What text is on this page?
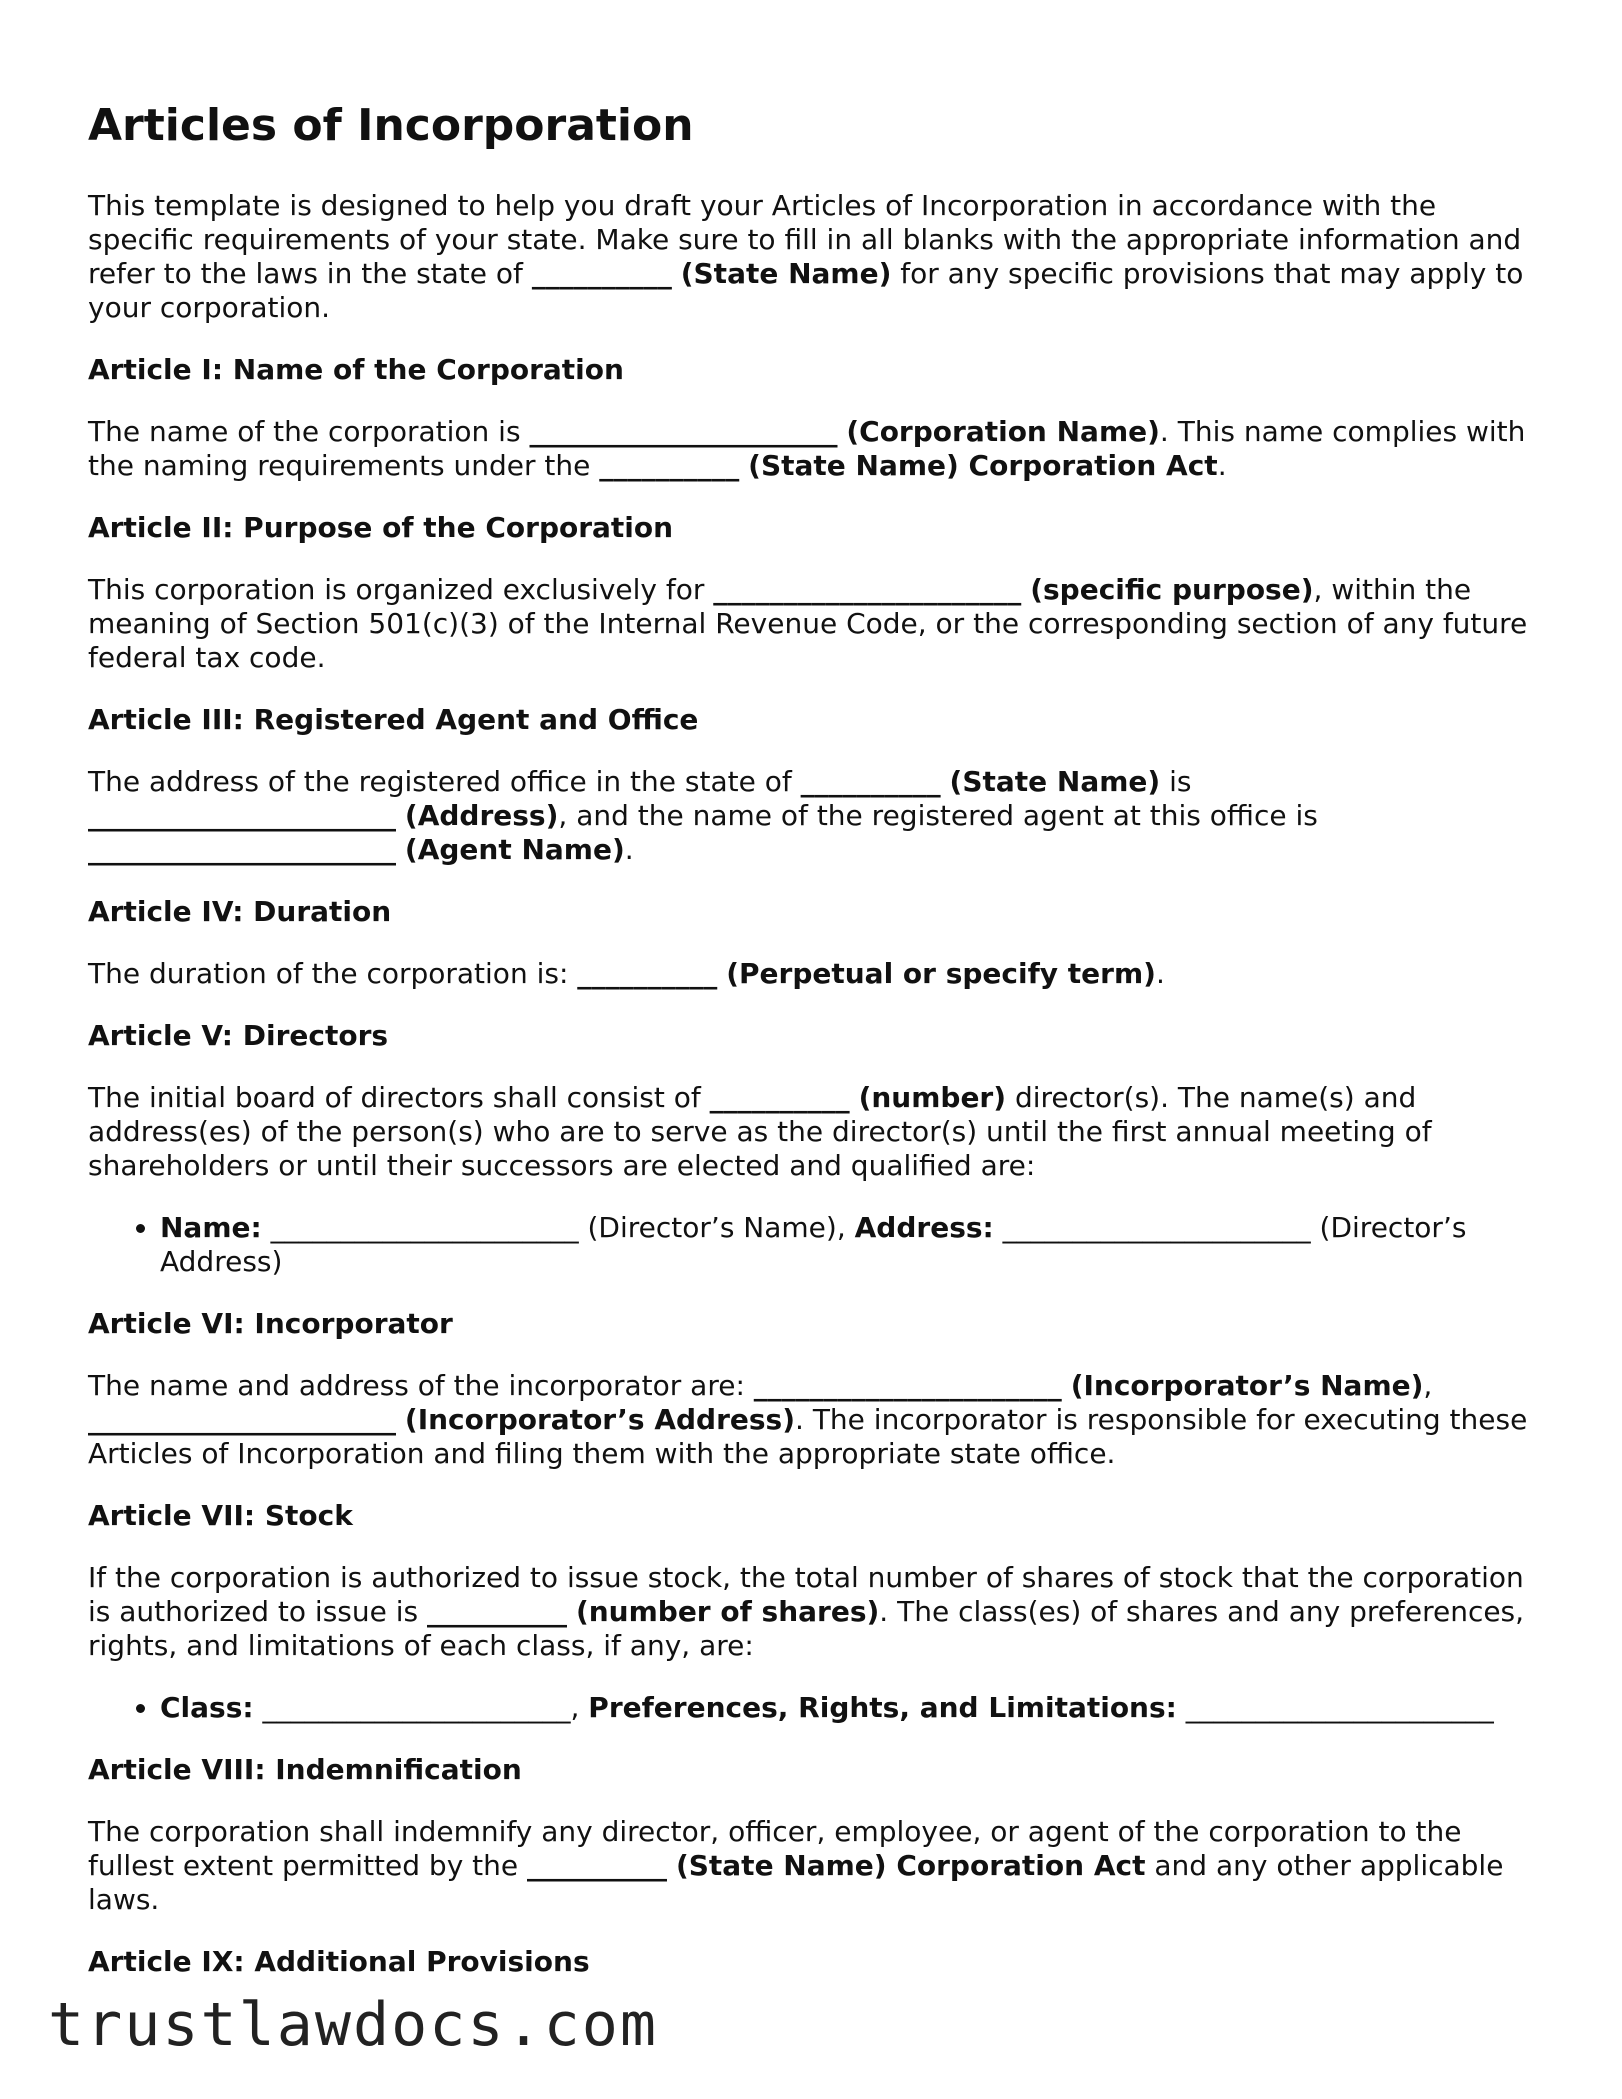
Articles of Incorporation

This template is designed to help you draft your Articles of Incorporation in accordance with the specific requirements of your state. Make sure to fill in all blanks with the appropriate information and refer to the laws in the state of __________ (State Name) for any specific provisions that may apply to your corporation.

Article I: Name of the Corporation

The name of the corporation is ______________________ (Corporation Name). This name complies with the naming requirements under the __________ (State Name) Corporation Act.

Article II: Purpose of the Corporation

This corporation is organized exclusively for ______________________ (specific purpose), within the meaning of Section 501(c)(3) of the Internal Revenue Code, or the corresponding section of any future federal tax code.

Article III: Registered Agent and Office

The address of the registered office in the state of __________ (State Name) is
______________________ (Address), and the name of the registered agent at this office is
______________________ (Agent Name).

Article IV: Duration

The duration of the corporation is: __________ (Perpetual or specify term).

Article V: Directors

The initial board of directors shall consist of __________ (number) director(s). The name(s) and address(es) of the person(s) who are to serve as the director(s) until the first annual meeting of shareholders or until their successors are elected and qualified are:

• Name: ______________________ (Director’s Name), Address: ______________________ (Director’s Address)
Article VI: Incorporator

The name and address of the incorporator are: ______________________ (Incorporator’s Name),
______________________ (Incorporator’s Address). The incorporator is responsible for executing these Articles of Incorporation and filing them with the appropriate state office.

Article VII: Stock

If the corporation is authorized to issue stock, the total number of shares of stock that the corporation is authorized to issue is __________ (number of shares). The class(es) of shares and any preferences, rights, and limitations of each class, if any, are:

• Class: ______________________, Preferences, Rights, and Limitations: ______________________
Article VIII: Indemnification

The corporation shall indemnify any director, officer, employee, or agent of the corporation to the fullest extent permitted by the __________ (State Name) Corporation Act and any other applicable laws.

Article IX: Additional Provisions
trustlawdocs.com
